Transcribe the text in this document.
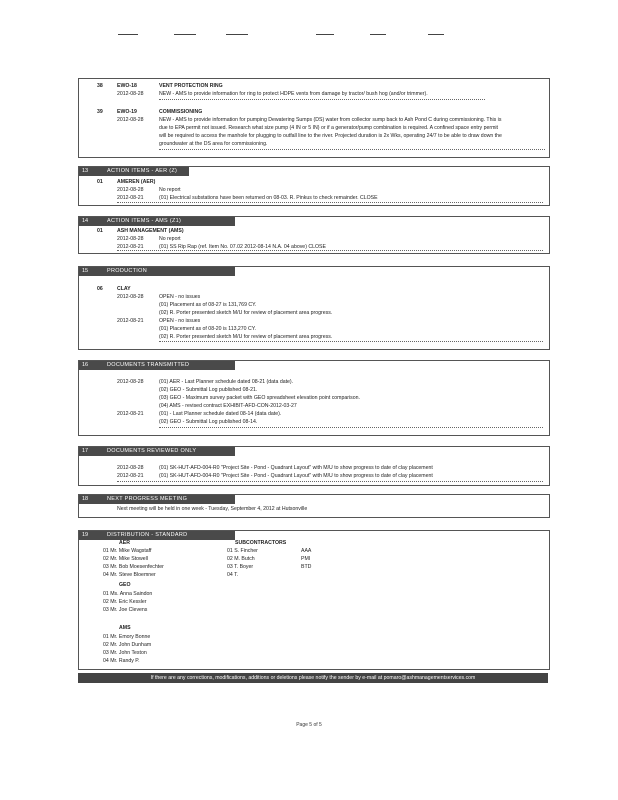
38	EWO-18	VENT PROTECTION RING
2012-08-28	NEW - AMS to provide information for ring to protect HDPE vents from damage by tractor/ bush hog (and/or trimmer).
39	EWO-19	COMMISSIONING
2012-08-28	NEW - AMS to provide information for pumping Dewatering Sumps (DS) water from collector sump back to Ash Pond C during commissioning. This is
due to EPA permit not issued. Research what size pump (4 IN or 5 IN) or if a generator/pump combination is required. A confined space entry permit
will be required to access the manhole for plugging to outfall line to the river. Projected duration is 2x Wks, operating 24/7 to be able to draw down the
groundwater at the DS area for commissioning.
13	ACTION ITEMS - AER (Z)
01	AMEREN (AER)
2012-08-28	No report
2012-08-21	(01) Electrical substations have been returned on 08-03. R. Pinkus to check remainder. CLOSE
14	ACTION ITEMS - AMS (Z1)
01	ASH MANAGEMENT (AMS)
2012-08-28	No report
2012-08-21	(01) SS Rip Rap (ref. Item No. 07.02 2012-08-14 N.A. 04 above) CLOSE
15	PRODUCTION
06	CLAY
2012-08-28	OPEN - no issues
(01) Placement as of 08-27 is 131,769 CY.
(02) R. Porter presented sketch M/U for review of placement area progress.
2012-08-21	OPEN - no issues
(01) Placement as of 08-20 is 113,270 CY.
(02) R. Porter presented sketch M/U for review of placement area progress.
16	DOCUMENTS TRANSMITTED
2012-08-28	(01) AER - Last Planner schedule dated 08-21 (data date).
(02) GEO - Submittal Log published 08-21.
(03) GEO - Maximum survey packet with GEO spreadsheet elevation point comparison.
(04) AMS - revised contract EXHIBIT-AFD-CON-2012-03-27
2012-08-21	(01) - Last Planner schedule dated 08-14 (data date).
(02) GEO - Submittal Log published 08-14.
17	DOCUMENTS REVIEWED ONLY
2012-08-28	(01) SK-HUT-AFD-004-R0 "Project Site - Pond - Quadrant Layout" with M/U to show progress to date of clay placement
2012-08-21	(01) SK-HUT-AFD-004-R0 "Project Site - Pond - Quadrant Layout" with M/U to show progress to date of clay placement
18	NEXT PROGRESS MEETING
Next meeting will be held in one week - Tuesday, September 4, 2012 at Hutsonville
19	DISTRIBUTION - STANDARD
AER
01 Mr. Mike Wagstaff
02 Mr. Mike Stowell
03 Mr. Bob Moesenfechter
04 Mr. Steve Bloemner
GEO
01 Ms. Anna Saindon
02 Mr. Eric Kessler
03 Mr. Joe Clevens
AMS
01 Mr. Emory Bonne
02 Mr. John Dunham
03 Mr. John Teston
04 Mr. Randy P.
SUBCONTRACTORS
01 S. Fincher	AAA
02 M. Butch	PMI
03 T. Boyer	BTD
04 T.
If there are any corrections, modifications, additions or deletions please notify the sender by e-mail at pomaro@ashmanagementservices.com
Page 5 of 5
